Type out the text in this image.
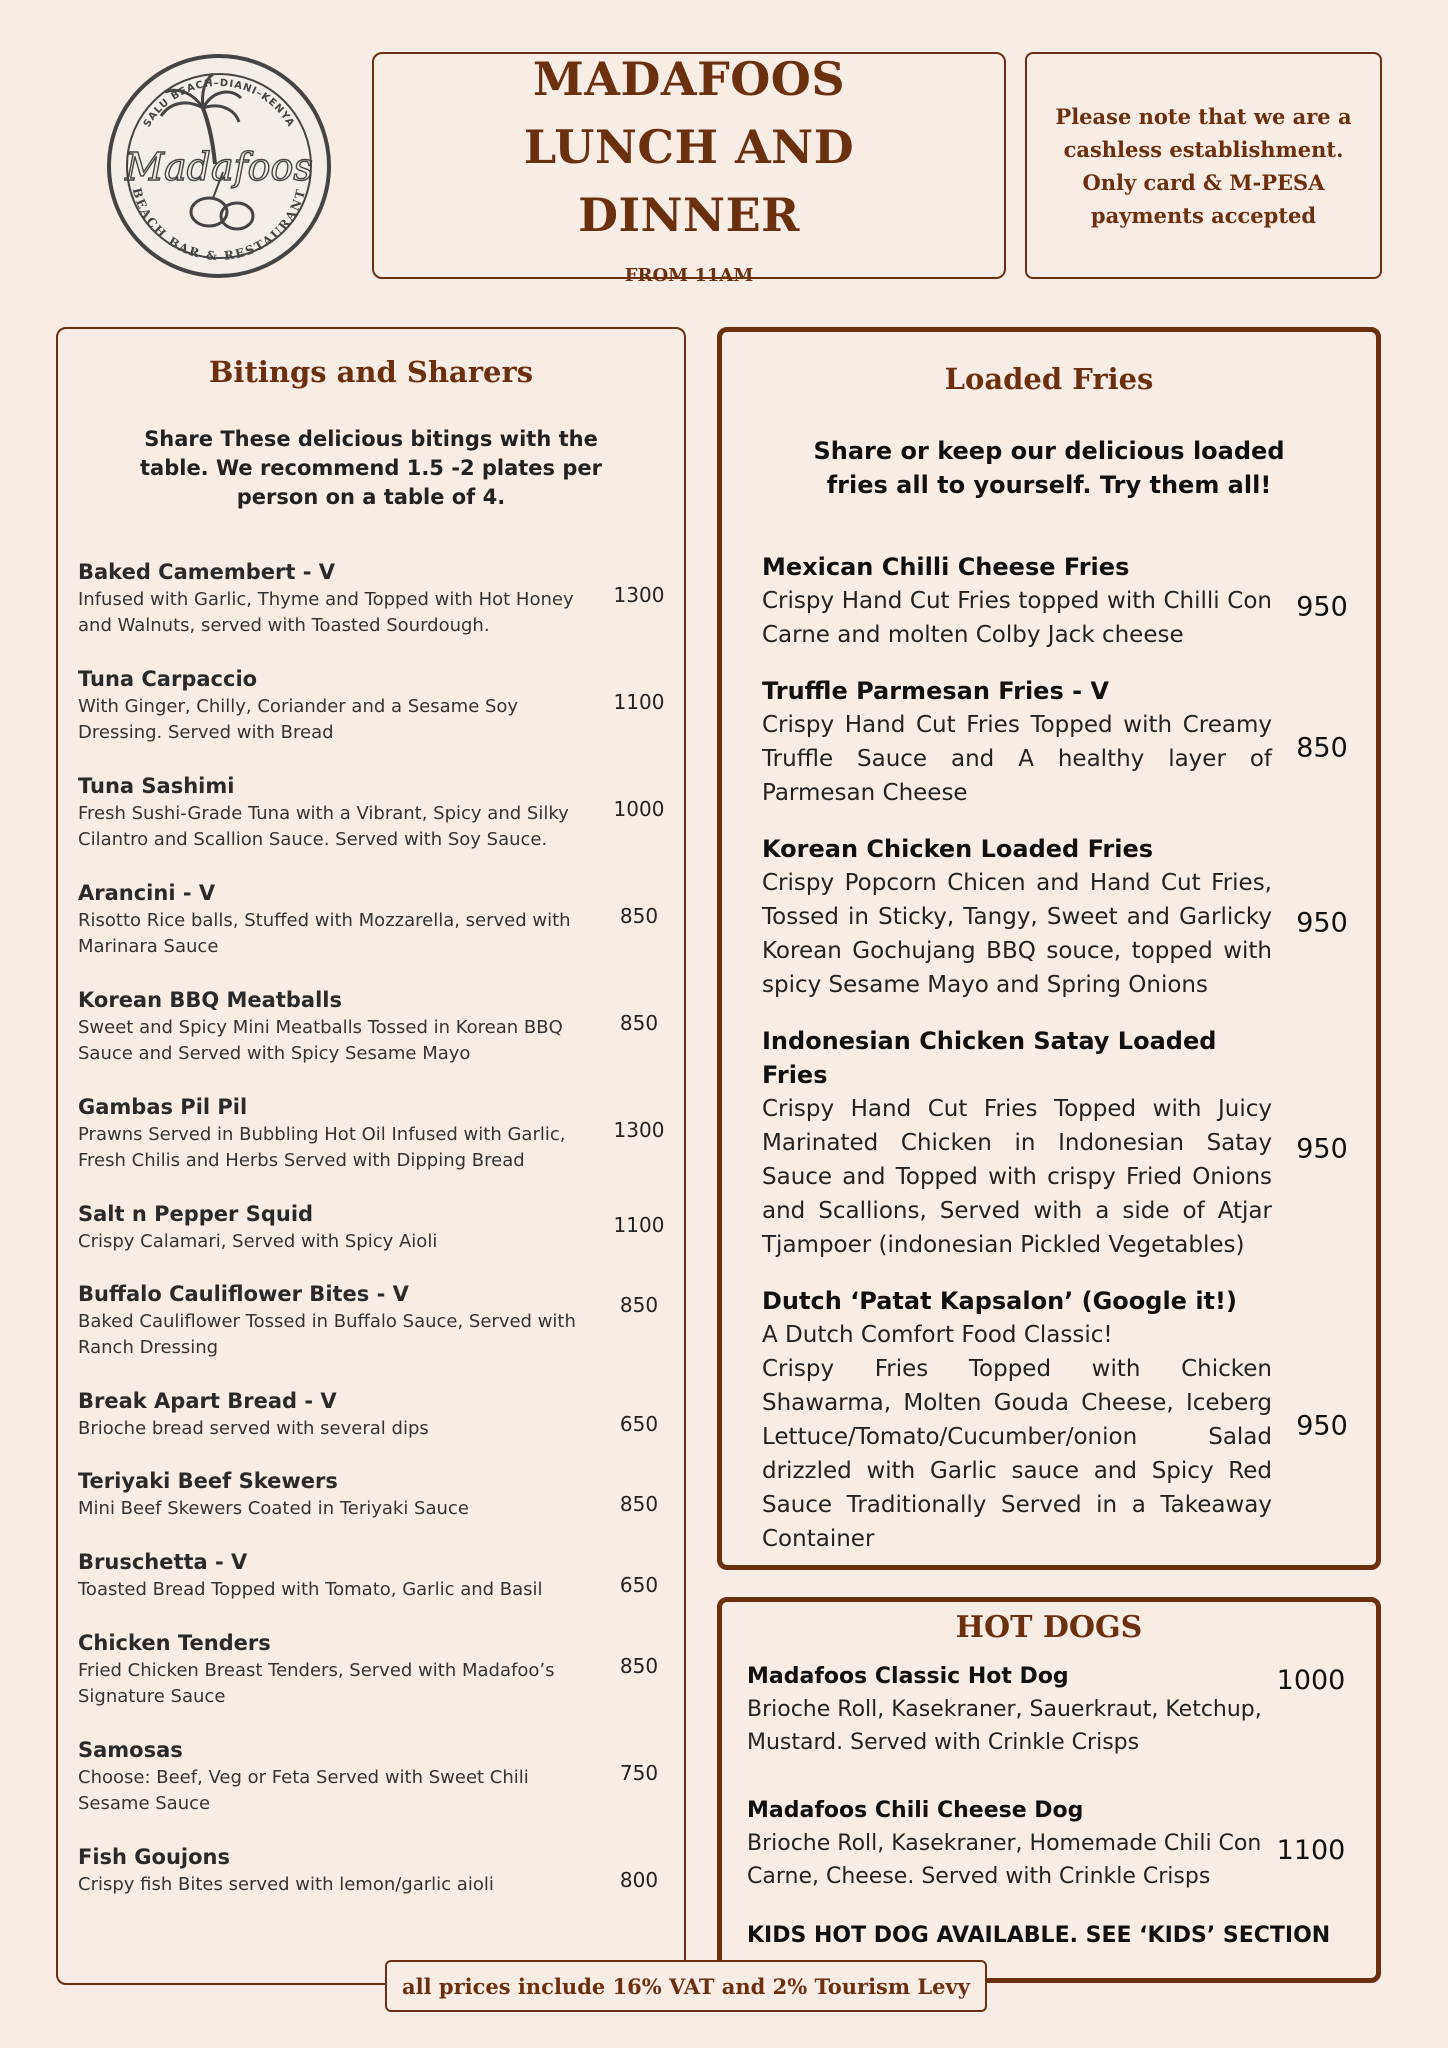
SALU BEACH–DIANI–KENYA
BEACH BAR & RESTAURANT
Madafoos
MADAFOOS LUNCH AND DINNER
FROM 11AM

Please note that we are a cashless establishment. Only card & M-PESA payments accepted

Bitings and Sharers

Share These delicious bitings with the table. We recommend 1.5 -2 plates per person on a table of 4.

Baked Camembert - V
Infused with Garlic, Thyme and Topped with Hot Honey and Walnuts, served with Toasted Sourdough.
1300
Tuna Carpaccio
With Ginger, Chilly, Coriander and a Sesame Soy Dressing. Served with Bread
1100
Tuna Sashimi
Fresh Sushi-Grade Tuna with a Vibrant, Spicy and Silky Cilantro and Scallion Sauce. Served with Soy Sauce.
1000
Arancini - V
Risotto Rice balls, Stuffed with Mozzarella, served with Marinara Sauce
850
Korean BBQ Meatballs
Sweet and Spicy Mini Meatballs Tossed in Korean BBQ Sauce and Served with Spicy Sesame Mayo
850
Gambas Pil Pil
Prawns Served in Bubbling Hot Oil Infused with Garlic, Fresh Chilis and Herbs Served with Dipping Bread
1300
Salt n Pepper Squid
Crispy Calamari, Served with Spicy Aioli
1100
Buffalo Cauliflower Bites - V
Baked Cauliflower Tossed in Buffalo Sauce, Served with Ranch Dressing
850
Break Apart Bread - V
Brioche bread served with several dips	650
Teriyaki Beef Skewers
Mini Beef Skewers Coated in Teriyaki Sauce	850
Bruschetta - V
Toasted Bread Topped with Tomato, Garlic and Basil	650
Chicken Tenders
Fried Chicken Breast Tenders, Served with Madafoo’s Signature Sauce
850
Samosas
Choose: Beef, Veg or Feta Served with Sweet Chili Sesame Sauce
750
Fish Goujons
Crispy fish Bites served with lemon/garlic aioli	800
Loaded Fries

Share or keep our delicious loaded fries all to yourself. Try them all!

Mexican Chilli Cheese Fries
Crispy Hand Cut Fries topped with Chilli Con Carne and molten Colby Jack cheese
950
Truffle Parmesan Fries - V
Crispy Hand Cut Fries Topped with Creamy Truffle Sauce and A healthy layer of Parmesan Cheese
850
Korean Chicken Loaded Fries
Crispy Popcorn Chicen and Hand Cut Fries, Tossed in Sticky, Tangy, Sweet and Garlicky Korean Gochujang BBQ souce, topped with spicy Sesame Mayo and Spring Onions
950
Indonesian Chicken Satay Loaded Fries
Crispy Hand Cut Fries Topped with Juicy Marinated Chicken in Indonesian Satay Sauce and Topped with crispy Fried Onions and Scallions, Served with a side of Atjar Tjampoer (indonesian Pickled Vegetables)
950
Dutch ‘Patat Kapsalon’ (Google it!)
A Dutch Comfort Food Classic!
Crispy Fries Topped with Chicken Shawarma, Molten Gouda Cheese, Iceberg Lettuce/Tomato/Cucumber/onion Salad drizzled with Garlic sauce and Spicy Red Sauce Traditionally Served in a Takeaway Container
950
HOT DOGS
Madafoos Classic Hot Dog
Brioche Roll, Kasekraner, Sauerkraut, Ketchup, Mustard. Served with Crinkle Crisps
1000
Madafoos Chili Cheese Dog
Brioche Roll, Kasekraner, Homemade Chili Con Carne, Cheese. Served with Crinkle Crisps
1100
KIDS HOT DOG AVAILABLE. SEE ‘KIDS’ SECTION
all prices include 16% VAT and 2% Tourism Levy
